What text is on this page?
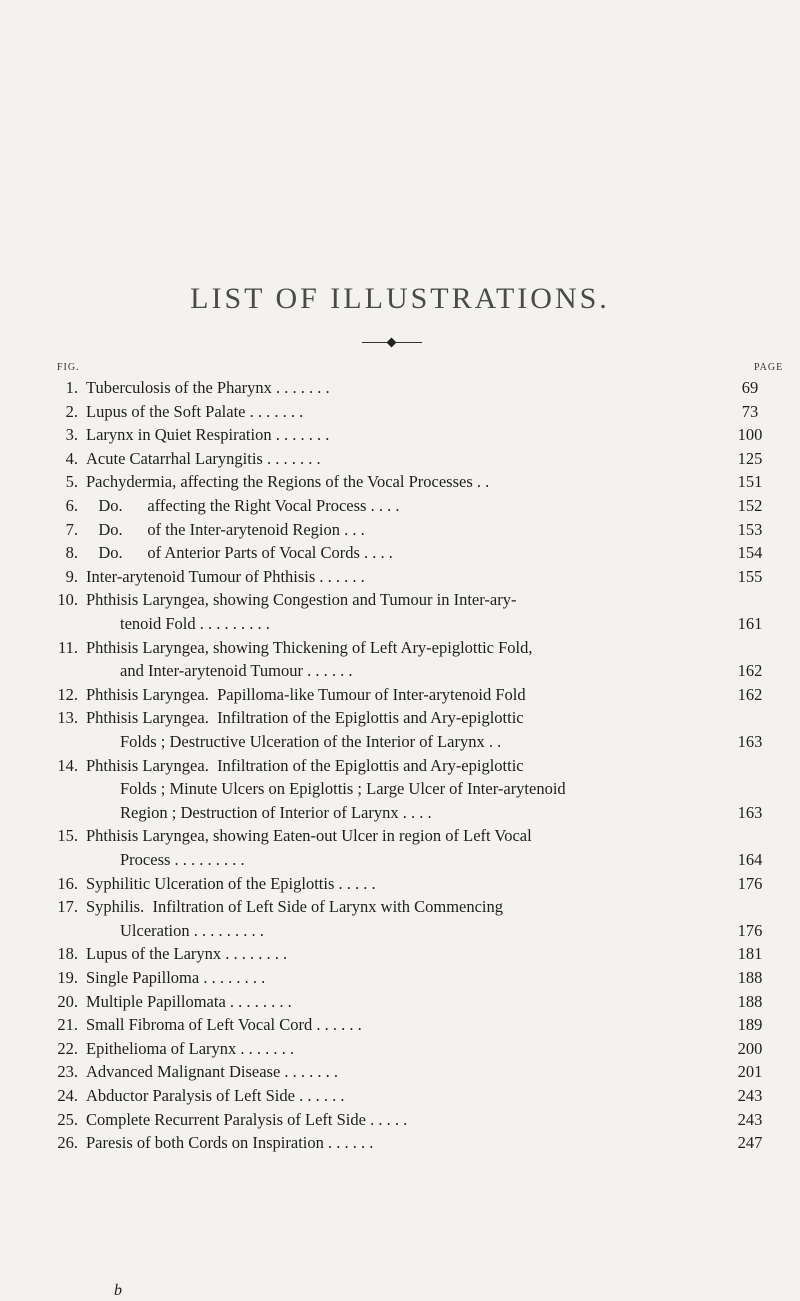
LIST OF ILLUSTRATIONS.
FIG.	PAGE
1. Tuberculosis of the Pharynx . . . . . . .	69
2. Lupus of the Soft Palate . . . . . . .	73
3. Larynx in Quiet Respiration . . . . . . .	100
4. Acute Catarrhal Laryngitis . . . . . . .	125
5. Pachydermia, affecting the Regions of the Vocal Processes . .	151
6. Do.      affecting the Right Vocal Process . . . .	152
7. Do.      of the Inter-arytenoid Region . . .	153
8. Do.      of Anterior Parts of Vocal Cords . . . .	154
9. Inter-arytenoid Tumour of Phthisis . . . . . .	155
10. Phthisis Laryngea, showing Congestion and Tumour in Inter-ary-
tenoid Fold . . . . . . . . .	161
11. Phthisis Laryngea, showing Thickening of Left Ary-epiglottic Fold,
and Inter-arytenoid Tumour . . . . . .	162
12. Phthisis Laryngea.  Papilloma-like Tumour of Inter-arytenoid Fold	162
13. Phthisis Laryngea.  Infiltration of the Epiglottis and Ary-epiglottic
Folds ; Destructive Ulceration of the Interior of Larynx . .	163
14. Phthisis Laryngea.  Infiltration of the Epiglottis and Ary-epiglottic
Folds ; Minute Ulcers on Epiglottis ; Large Ulcer of Inter-arytenoid
Region ; Destruction of Interior of Larynx . . . .	163
15. Phthisis Laryngea, showing Eaten-out Ulcer in region of Left Vocal
Process . . . . . . . . .	164
16. Syphilitic Ulceration of the Epiglottis . . . . .	176
17. Syphilis.  Infiltration of Left Side of Larynx with Commencing
Ulceration . . . . . . . . .	176
18. Lupus of the Larynx . . . . . . . .	181
19. Single Papilloma . . . . . . . .	188
20. Multiple Papillomata . . . . . . . .	188
21. Small Fibroma of Left Vocal Cord . . . . . .	189
22. Epithelioma of Larynx . . . . . . .	200
23. Advanced Malignant Disease . . . . . . .	201
24. Abductor Paralysis of Left Side . . . . . .	243
25. Complete Recurrent Paralysis of Left Side . . . . .	243
26. Paresis of both Cords on Inspiration . . . . . .	247
b
